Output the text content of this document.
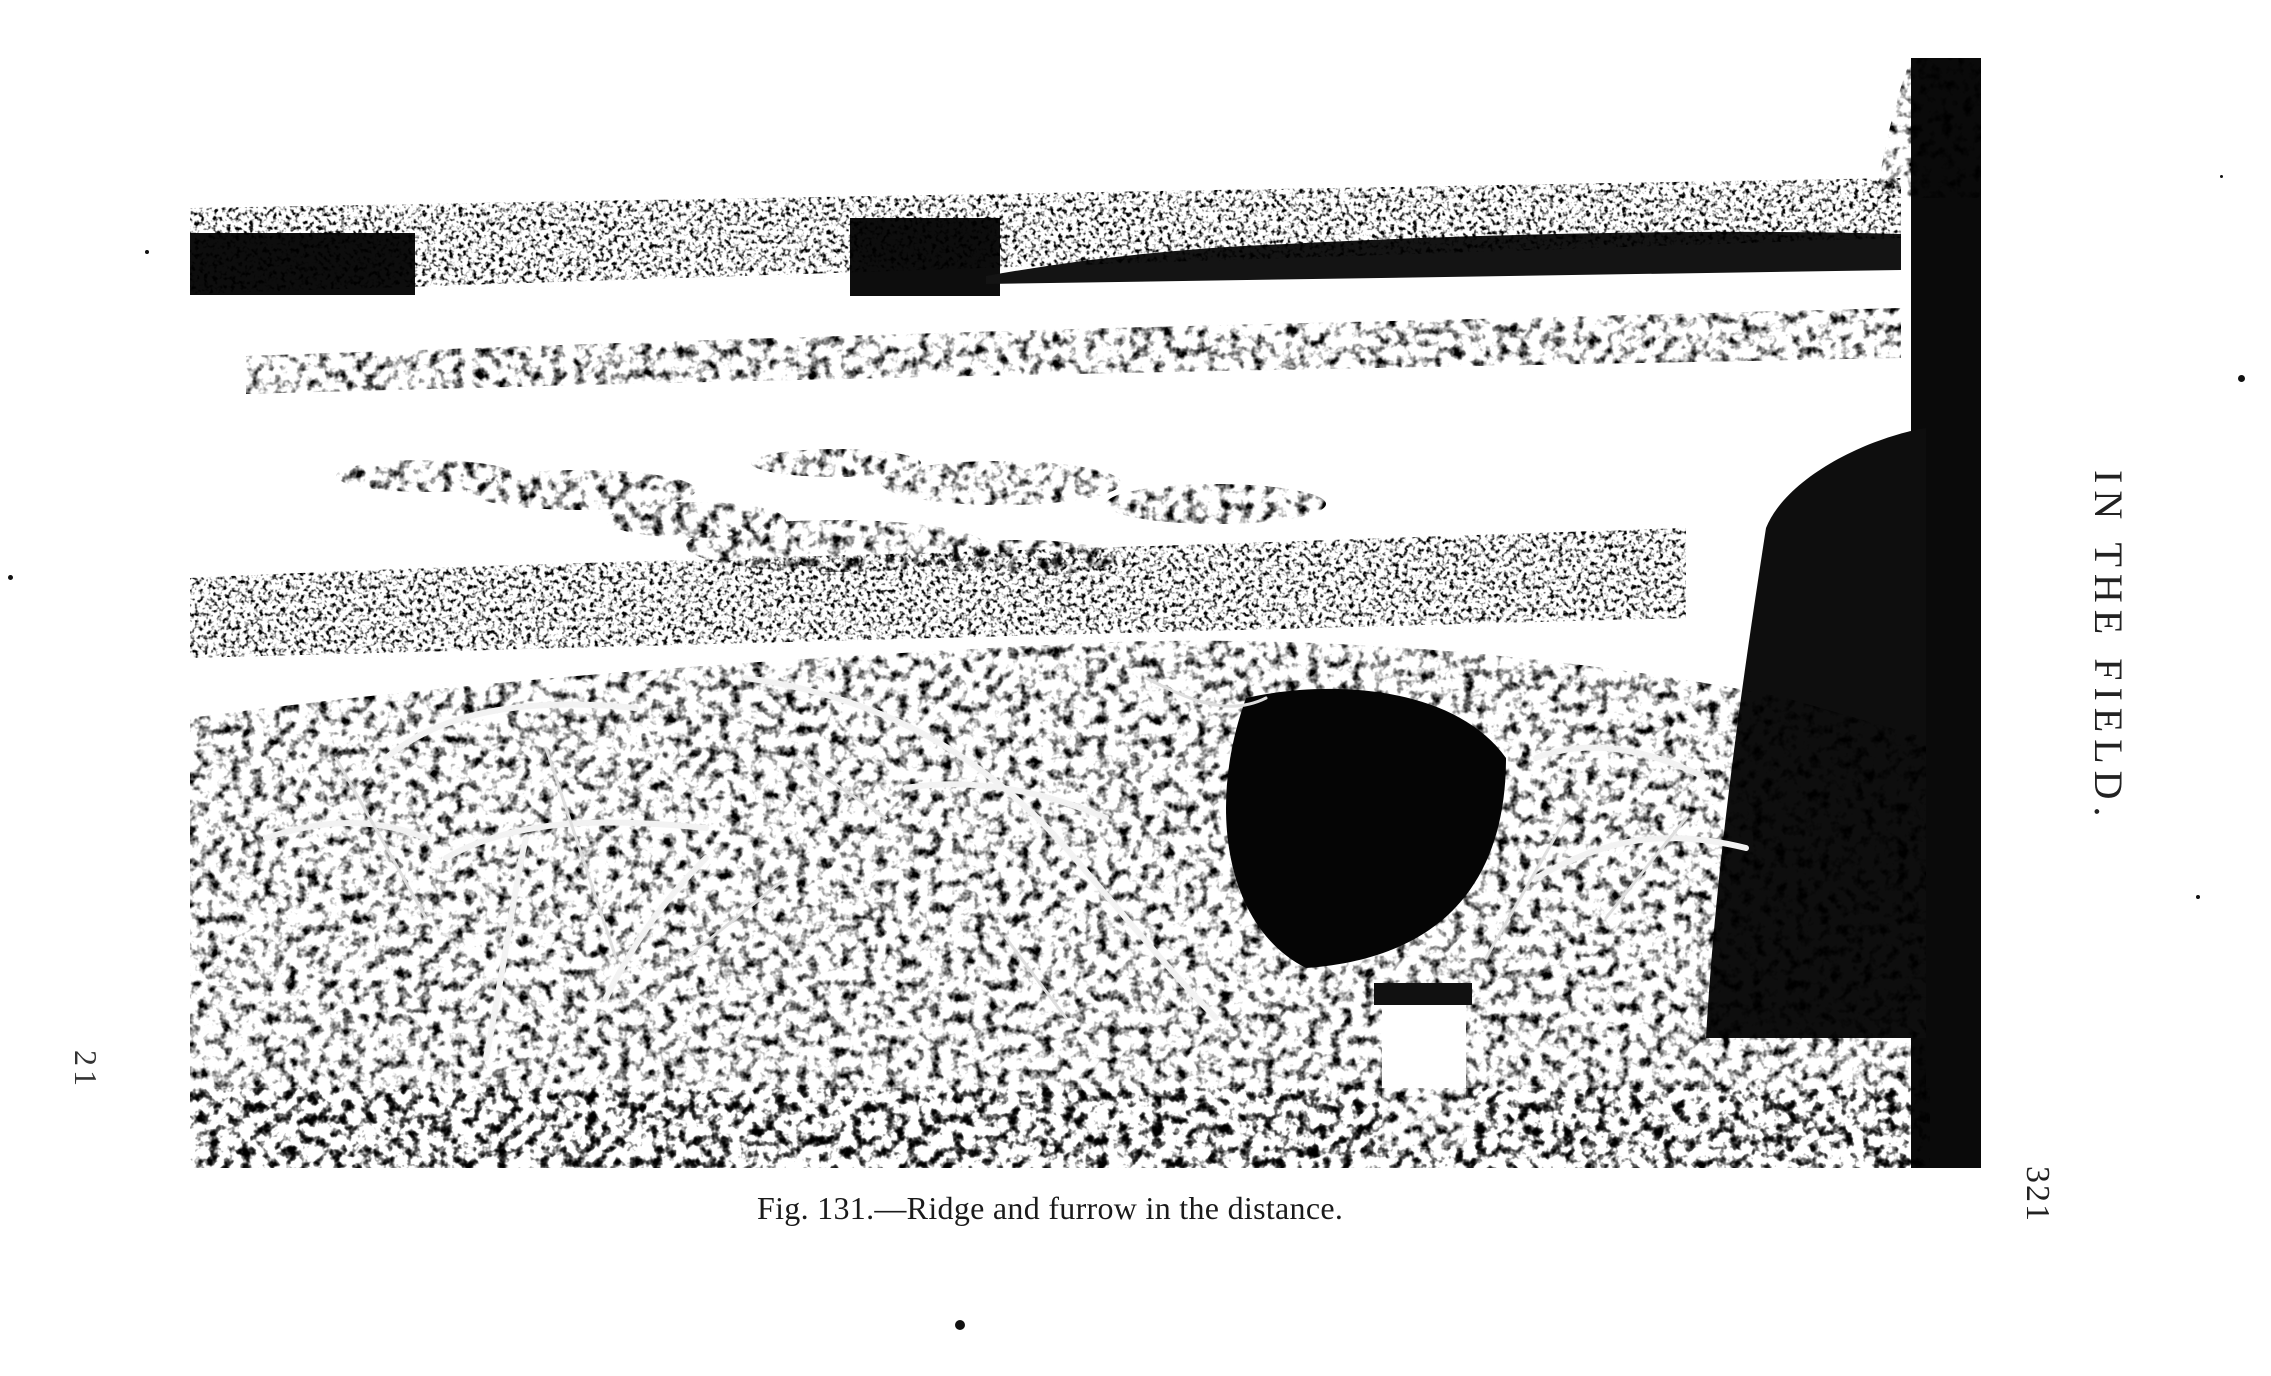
Fig. 131.—Ridge and furrow in the distance.
IN THE FIELD.
321
21
